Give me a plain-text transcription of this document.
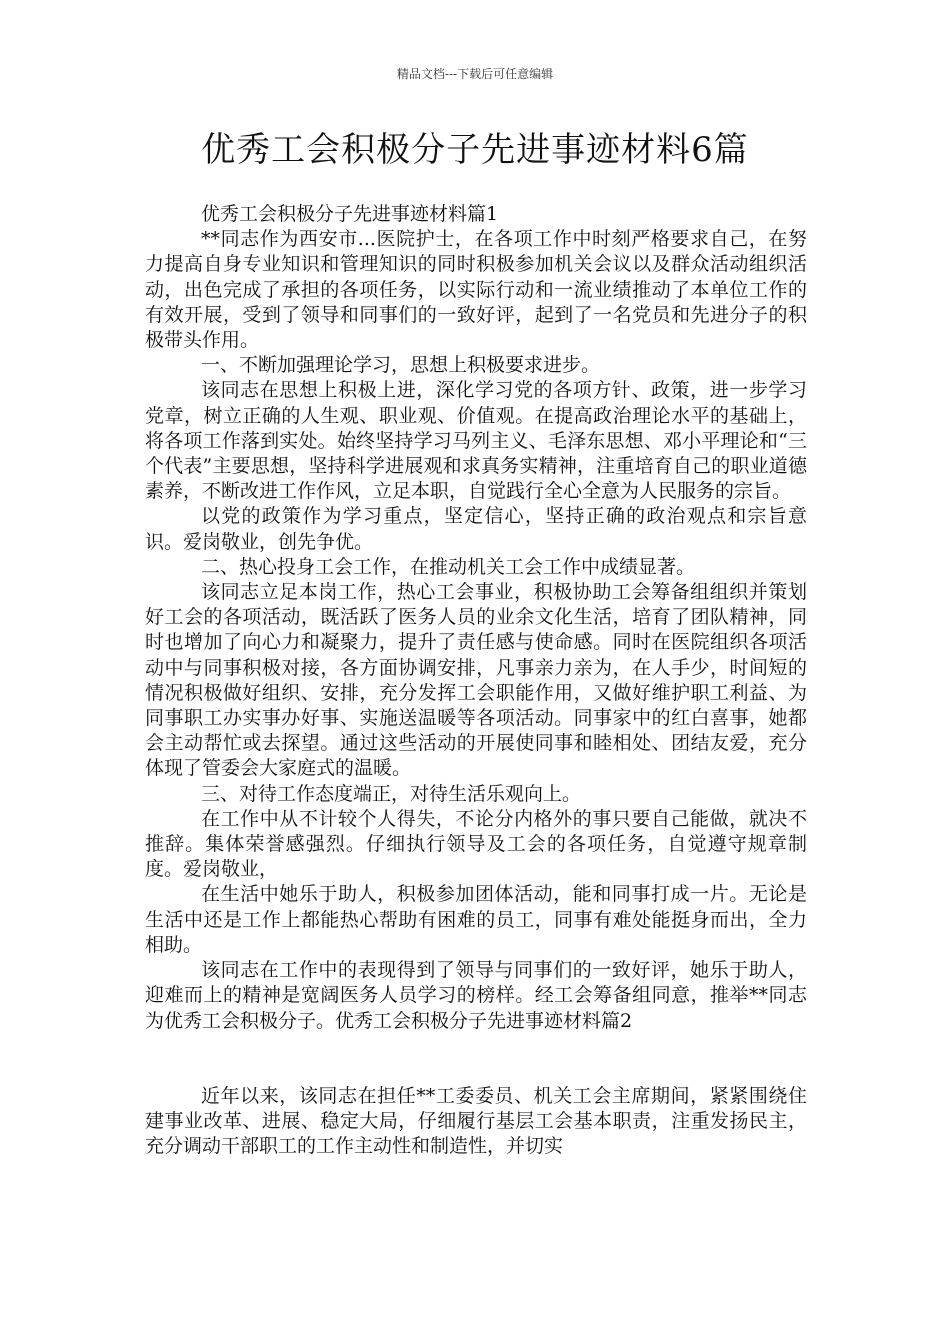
精品文档---下载后可任意编辑
优秀工会积极分子先进事迹材料6篇

优秀工会积极分子先进事迹材料篇1

**同志作为西安市...医院护士，在各项工作中时刻严格要求自己，在努力提高自身专业知识和管理知识的同时积极参加机关会议以及群众活动组织活动，出色完成了承担的各项任务，以实际行动和一流业绩推动了本单位工作的有效开展，受到了领导和同事们的一致好评，起到了一名党员和先进分子的积极带头作用。

一、不断加强理论学习，思想上积极要求进步。

该同志在思想上积极上进，深化学习党的各项方针、政策，进一步学习党章，树立正确的人生观、职业观、价值观。在提高政治理论水平的基础上，将各项工作落到实处。始终坚持学习马列主义、毛泽东思想、邓小平理论和“三个代表”主要思想，坚持科学进展观和求真务实精神，注重培育自己的职业道德素养，不断改进工作作风，立足本职，自觉践行全心全意为人民服务的宗旨。

以党的政策作为学习重点，坚定信心，坚持正确的政治观点和宗旨意识。爱岗敬业，创先争优。

二、热心投身工会工作，在推动机关工会工作中成绩显著。

该同志立足本岗工作，热心工会事业，积极协助工会筹备组组织并策划好工会的各项活动，既活跃了医务人员的业余文化生活，培育了团队精神，同时也增加了向心力和凝聚力，提升了责任感与使命感。同时在医院组织各项活动中与同事积极对接，各方面协调安排，凡事亲力亲为，在人手少，时间短的情况积极做好组织、安排，充分发挥工会职能作用，又做好维护职工利益、为同事职工办实事办好事、实施送温暖等各项活动。同事家中的红白喜事，她都会主动帮忙或去探望。通过这些活动的开展使同事和睦相处、团结友爱，充分体现了管委会大家庭式的温暖。

三、对待工作态度端正，对待生活乐观向上。

在工作中从不计较个人得失，不论分内格外的事只要自己能做，就决不推辞。集体荣誉感强烈。仔细执行领导及工会的各项任务，自觉遵守规章制度。爱岗敬业，

在生活中她乐于助人，积极参加团体活动，能和同事打成一片。无论是生活中还是工作上都能热心帮助有困难的员工，同事有难处能挺身而出，全力相助。

该同志在工作中的表现得到了领导与同事们的一致好评，她乐于助人，迎难而上的精神是宽阔医务人员学习的榜样。经工会筹备组同意，推举**同志为优秀工会积极分子。优秀工会积极分子先进事迹材料篇2

近年以来，该同志在担任**工委委员、机关工会主席期间，紧紧围绕住建事业改革、进展、稳定大局，仔细履行基层工会基本职责，注重发扬民主，充分调动干部职工的工作主动性和制造性，并切实
